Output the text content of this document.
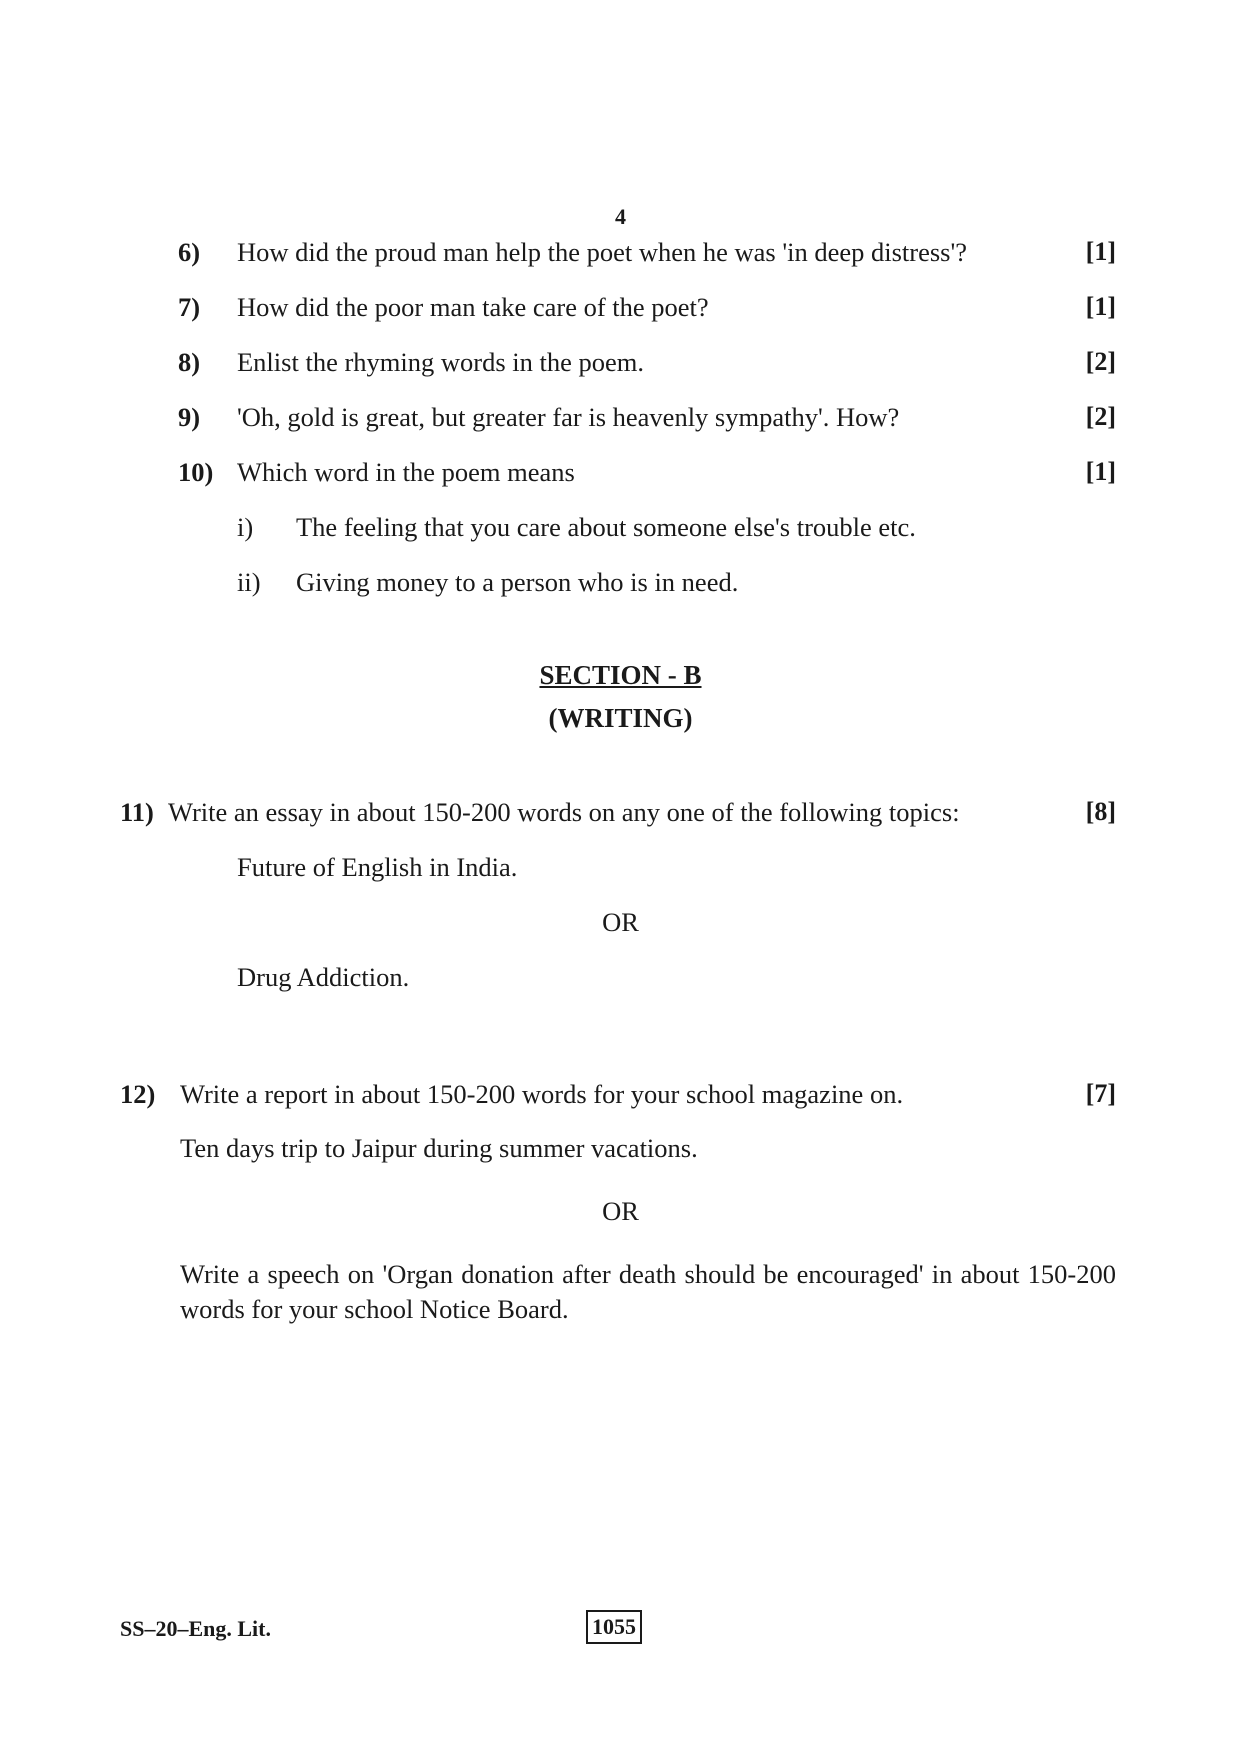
4
6) How did the proud man help the poet when he was 'in deep distress'?	[1]
7) How did the poor man take care of the poet?	[1]
8) Enlist the rhyming words in the poem.	[2]
9) 'Oh, gold is great, but greater far is heavenly sympathy'. How?	[2]
10) Which word in the poem means	[1]
i) The feeling that you care about someone else's trouble etc.
ii) Giving money to a person who is in need.
SECTION - B
(WRITING)
11) Write an essay in about 150-200 words on any one of the following topics:	[8]
Future of English in India.
OR
Drug Addiction.
12) Write a report in about 150-200 words for your school magazine on.	[7]
Ten days trip to Jaipur during summer vacations.
OR
Write a speech on 'Organ donation after death should be encouraged' in about 150-200 words for your school Notice Board.
SS–20–Eng. Lit.	1055
